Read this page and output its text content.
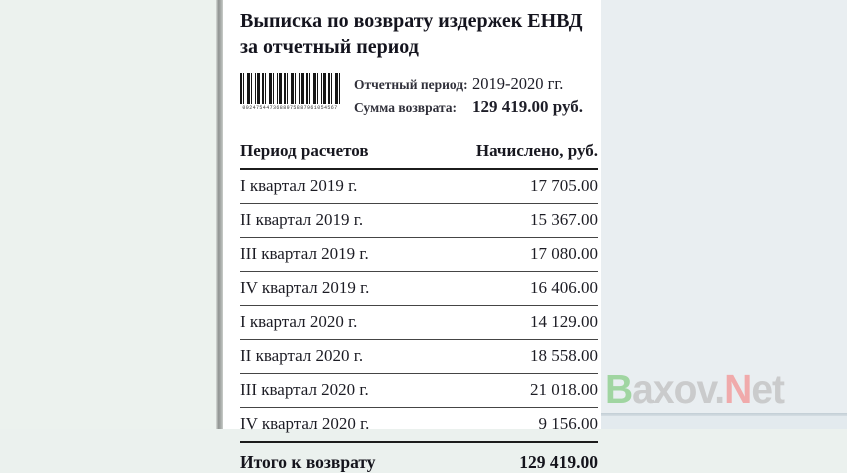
Выписка по возврату издержек ЕНВД за отчетный период
0024754473688975887961054567
Отчетный период: 2019-2020 гг.
Сумма возврата: 129 419.00 руб.
Период расчетов	Начислено, руб.
I квартал 2019 г.	17 705.00
II квартал 2019 г.	15 367.00
III квартал 2019 г.	17 080.00
IV квартал 2019 г.	16 406.00
I квартал 2020 г.	14 129.00
II квартал 2020 г.	18 558.00
III квартал 2020 г.	21 018.00
IV квартал 2020 г.	9 156.00
Итого к возврату	129 419.00
Baxov.Net
